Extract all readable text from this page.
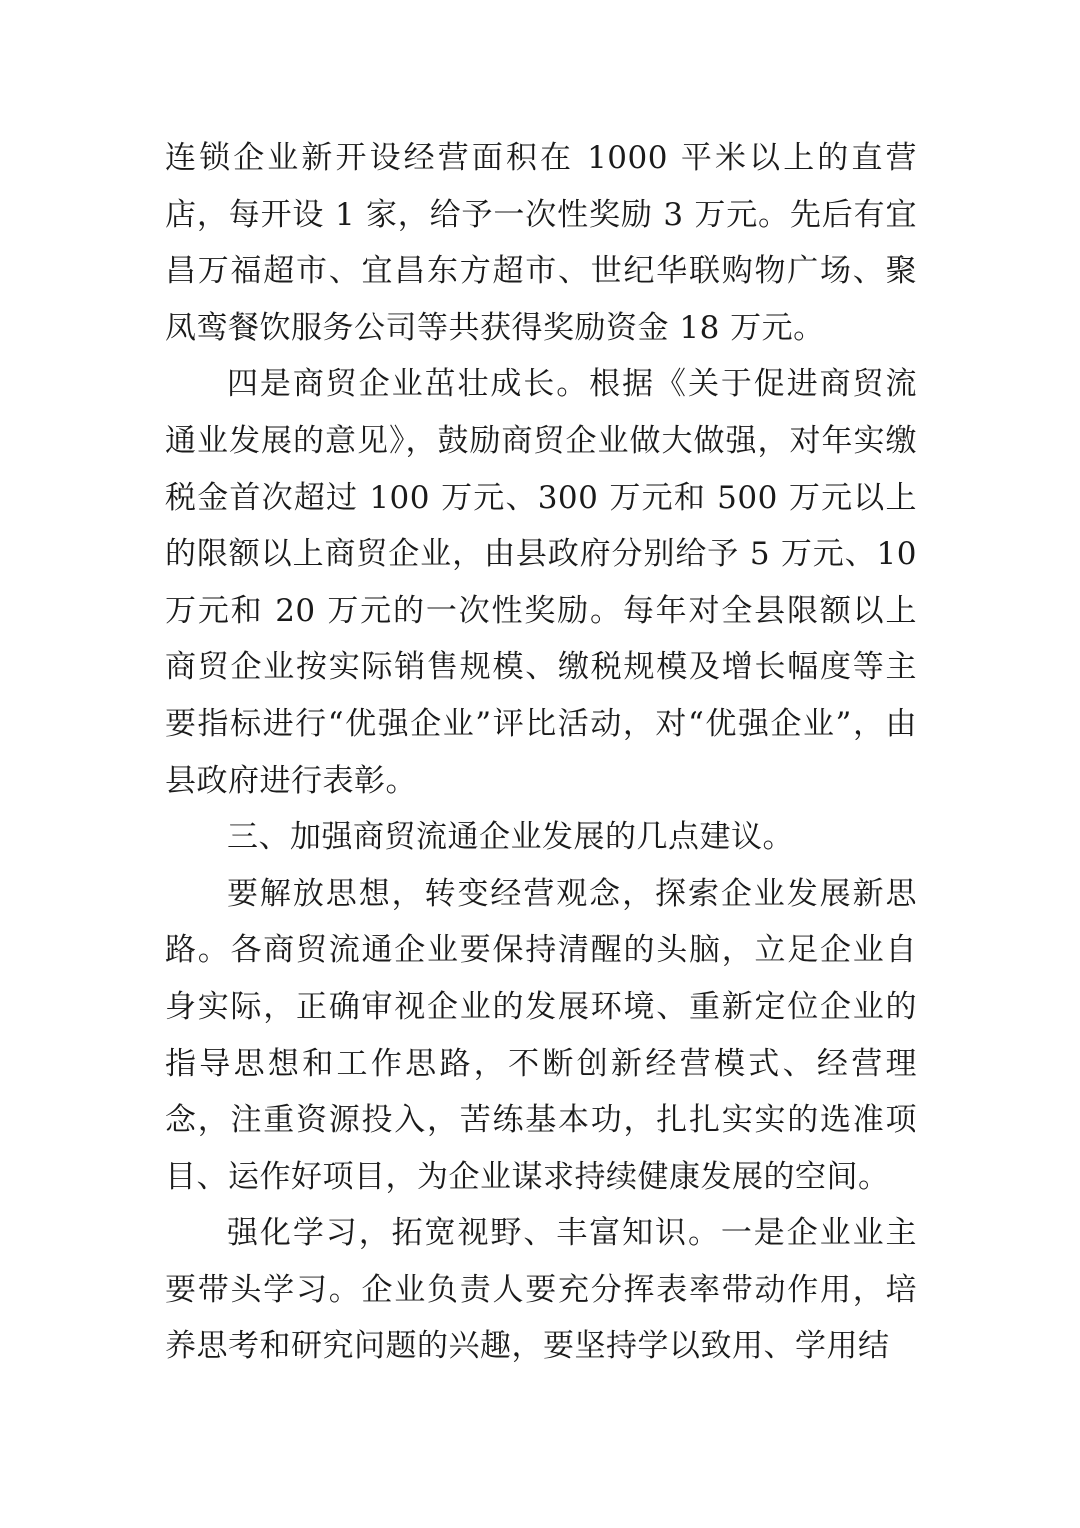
连锁企业新开设经营面积在 1000 平米以上的直营店，每开设 1 家，给予一次性奖励 3 万元。先后有宜昌万福超市、宜昌东方超市、世纪华联购物广场、聚凤鸾餐饮服务公司等共获得奖励资金 18 万元。

四是商贸企业茁壮成长。根据《关于促进商贸流通业发展的意见》，鼓励商贸企业做大做强，对年实缴税金首次超过 100 万元、300 万元和 500 万元以上的限额以上商贸企业，由县政府分别给予 5 万元、10 万元和 20 万元的一次性奖励。每年对全县限额以上商贸企业按实际销售规模、缴税规模及增长幅度等主要指标进行“优强企业”评比活动，对“优强企业”，由县政府进行表彰。

三、加强商贸流通企业发展的几点建议。

要解放思想，转变经营观念，探索企业发展新思路。各商贸流通企业要保持清醒的头脑，立足企业自身实际，正确审视企业的发展环境、重新定位企业的指导思想和工作思路，不断创新经营模式、经营理念，注重资源投入，苦练基本功，扎扎实实的选准项目、运作好项目，为企业谋求持续健康发展的空间。

强化学习，拓宽视野、丰富知识。一是企业业主要带头学习。企业负责人要充分挥表率带动作用，培养思考和研究问题的兴趣，要坚持学以致用、学用结
